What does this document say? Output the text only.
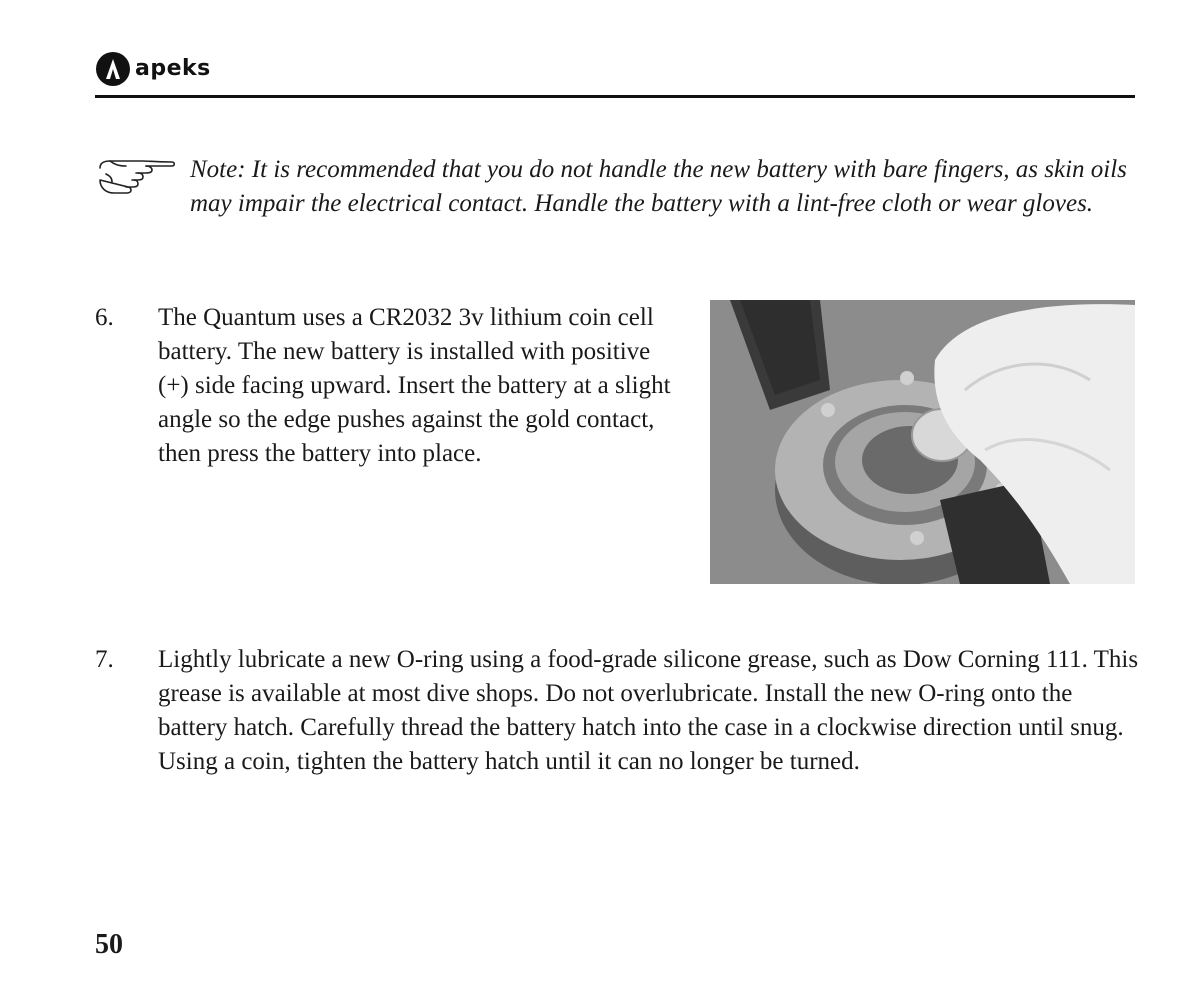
apeks

Note: It is recommended that you do not handle the new battery with bare fingers, as skin oils may impair the electrical contact. Handle the battery with a lint-free cloth or wear gloves.

6. The Quantum uses a CR2032 3v lithium coin cell battery. The new battery is installed with positive (+) side facing upward. Insert the battery at a slight angle so the edge pushes against the gold contact, then press the battery into place.

7. Lightly lubricate a new O-ring using a food-grade silicone grease, such as Dow Corning 111. This grease is available at most dive shops. Do not overlubricate. Install the new O-ring onto the battery hatch. Carefully thread the battery hatch into the case in a clockwise direction until snug. Using a coin, tighten the battery hatch until it can no longer be turned.

50
